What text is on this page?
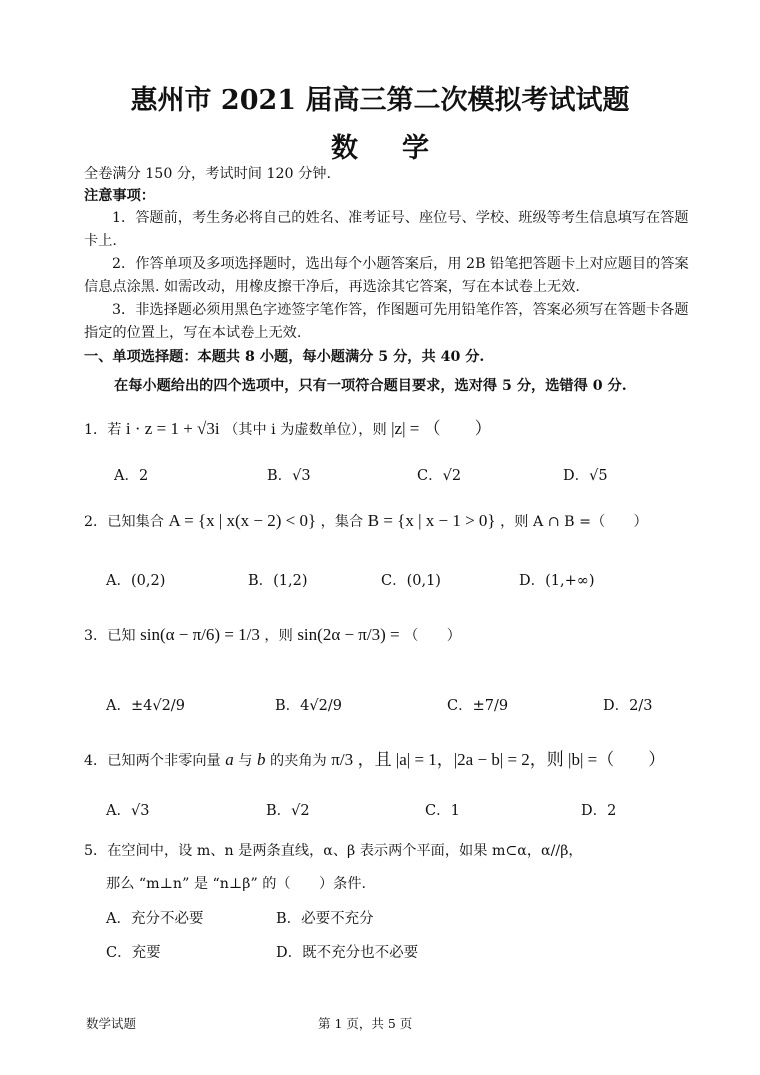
惠州市 2021 届高三第二次模拟考试试题
数学
全卷满分 150 分，考试时间 120 分钟.
注意事项：
1．答题前，考生务必将自己的姓名、准考证号、座位号、学校、班级等考生信息填写在答题卡上.
2．作答单项及多项选择题时，选出每个小题答案后，用 2B 铅笔把答题卡上对应题目的答案信息点涂黑. 如需改动，用橡皮擦干净后，再选涂其它答案，写在本试卷上无效.
3．非选择题必须用黑色字迹签字笔作答，作图题可先用铅笔作答，答案必须写在答题卡各题指定的位置上，写在本试卷上无效.
一、单项选择题：本题共 8 小题，每小题满分 5 分，共 40 分.
在每小题给出的四个选项中，只有一项符合题目要求，选对得 5 分，选错得 0 分.
1．若 i · z = 1 + √3i （其中 i 为虚数单位），则 |z| = （　　）
A．2	B．√3	C．√2	D．√5
2．已知集合 A = {x | x(x − 2) < 0} ，集合 B = {x | x − 1 > 0} ，则 A ∩ B =（　　）
A．(0,2)	B．(1,2)	C．(0,1)	D．(1,+∞)
3．已知 sin(α − π/6) = 1/3 ，则 sin(2α − π/3) = （　　）
A．±4√2/9	B．4√2/9	C．±7/9	D．2/3
4．已知两个非零向量 a 与 b 的夹角为 π/3 ，且 |a| = 1，|2a − b| = 2，则 |b| =（　　）
A．√3	B．√2	C．1	D．2
5．在空间中，设 m、n 是两条直线，α、β 表示两个平面，如果 m⊂α，α//β，
那么 “m⊥n” 是 “n⊥β” 的（　　）条件.
A．充分不必要	B．必要不充分
C．充要	D．既不充分也不必要
数学试题	第 1 页，共 5 页
